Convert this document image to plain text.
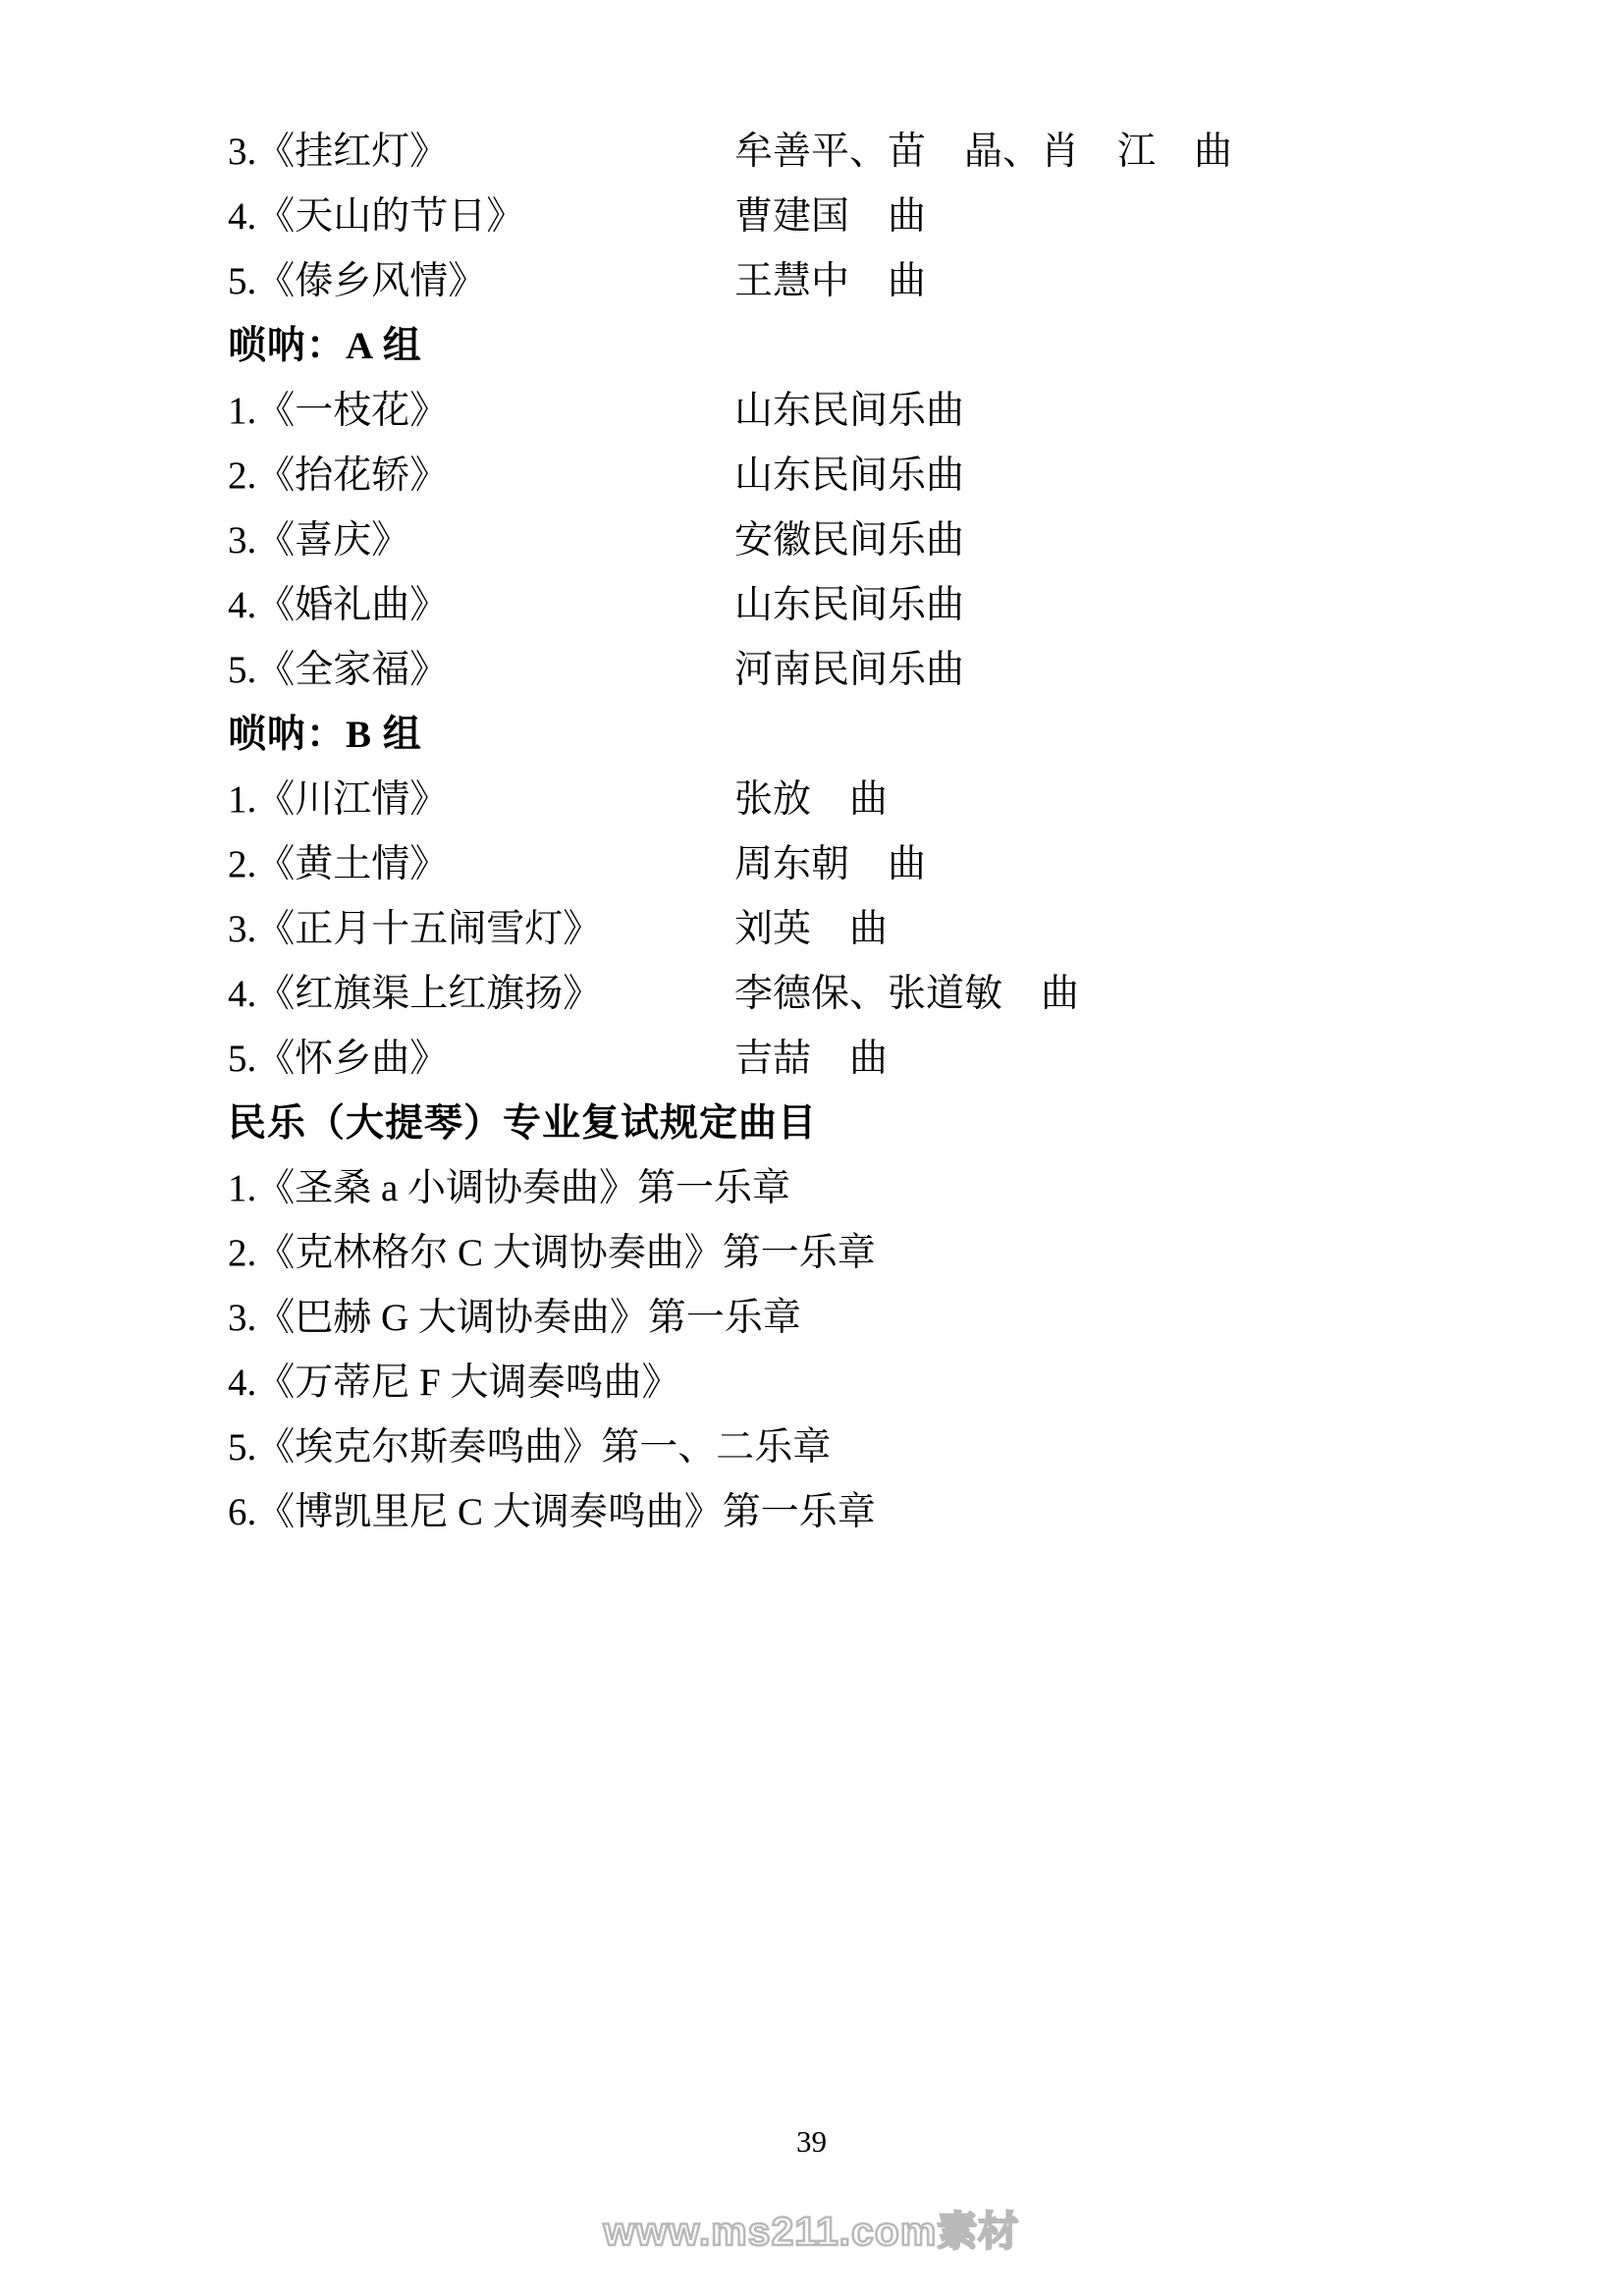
3.《挂红灯》	牟善平、苗　晶、肖　江　曲
4.《天山的节日》	曹建国　曲
5.《傣乡风情》	王慧中　曲
唢呐：A 组
1.《一枝花》	山东民间乐曲
2.《抬花轿》	山东民间乐曲
3.《喜庆》	安徽民间乐曲
4.《婚礼曲》	山东民间乐曲
5.《全家福》	河南民间乐曲
唢呐：B 组
1.《川江情》	张放　曲
2.《黄土情》	周东朝　曲
3.《正月十五闹雪灯》	刘英　曲
4.《红旗渠上红旗扬》	李德保、张道敏　曲
5.《怀乡曲》	吉喆　曲
民乐（大提琴）专业复试规定曲目
1.《圣桑 a 小调协奏曲》第一乐章
2.《克林格尔 C 大调协奏曲》第一乐章
3.《巴赫 G 大调协奏曲》第一乐章
4.《万蒂尼 F 大调奏鸣曲》
5.《埃克尔斯奏鸣曲》第一、二乐章
6.《博凯里尼 C 大调奏鸣曲》第一乐章
39
www.ms211.com素材
